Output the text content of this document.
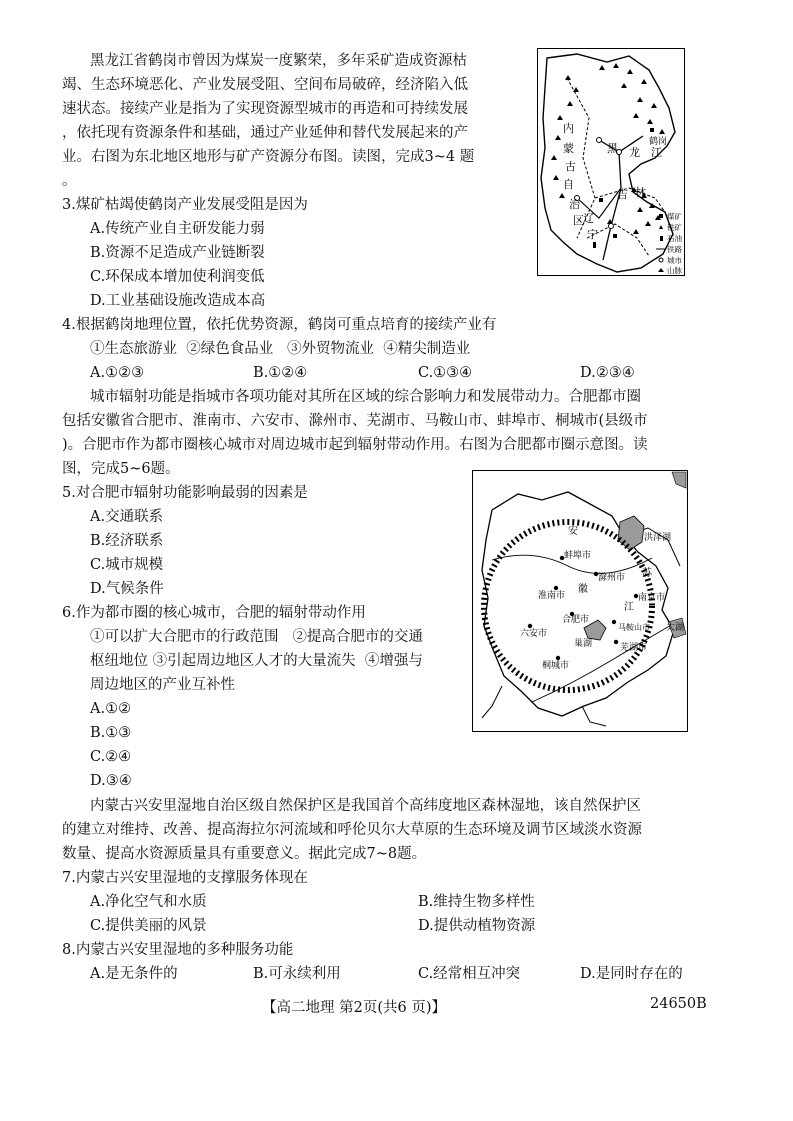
黑龙江省鹤岗市曾因为煤炭一度繁荣，多年采矿造成资源枯
竭、生态环境恶化、产业发展受阻、空间布局破碎，经济陷入低
速状态。接续产业是指为了实现资源型城市的再造和可持续发展
，依托现有资源条件和基础，通过产业延伸和替代发展起来的产
业。右图为东北地区地形与矿产资源分布图。读图，完成3~4 题
。
内
蒙
古
自
治
区
黑 龙 江
鹤岗
吉 林
辽
宁
煤矿
铁矿
石油
铁路
城市
山脉
3.煤矿枯竭使鹤岗产业发展受阻是因为
A.传统产业自主研发能力弱
B.资源不足造成产业链断裂
C.环保成本增加使利润变低
D.工业基础设施改造成本高
4.根据鹤岗地理位置，依托优势资源，鹤岗可重点培育的接续产业有
①生态旅游业  ②绿色食品业   ③外贸物流业  ④精尖制造业
A.①②③	B.①②④	C.①③④	D.②③④
城市辐射功能是指城市各项功能对其所在区域的综合影响力和发展带动力。合肥都市圈
包括安徽省合肥市、淮南市、六安市、滁州市、芜湖市、马鞍山市、蚌埠市、桐城市(县级市
)。合肥市作为都市圈核心城市对周边城市起到辐射带动作用。右图为合肥都市圈示意图。读
图，完成5~6题。
安
徽
江
苏
洪泽湖
蚌埠市
滁州市
淮南市	南京市
合肥市
六安市
巢湖
马鞍山市 太湖
芜湖市
桐城市
5.对合肥市辐射功能影响最弱的因素是
A.交通联系
B.经济联系
C.城市规模
D.气候条件
6.作为都市圈的核心城市，合肥的辐射带动作用
①可以扩大合肥市的行政范围   ②提高合肥市的交通
枢纽地位 ③引起周边地区人才的大量流失  ④增强与
周边地区的产业互补性
A.①②
B.①③
C.②④
D.③④
内蒙古兴安里湿地自治区级自然保护区是我国首个高纬度地区森林湿地，该自然保护区
的建立对维持、改善、提高海拉尔河流域和呼伦贝尔大草原的生态环境及调节区域淡水资源
数量、提高水资源质量具有重要意义。据此完成7~8题。
7.内蒙古兴安里湿地的支撑服务体现在
A.净化空气和水质	B.维持生物多样性
C.提供美丽的风景	D.提供动植物资源
8.内蒙古兴安里湿地的多种服务功能
A.是无条件的	B.可永续利用	C.经常相互冲突	D.是同时存在的
【高二地理 第2页(共6 页)】	24650B
